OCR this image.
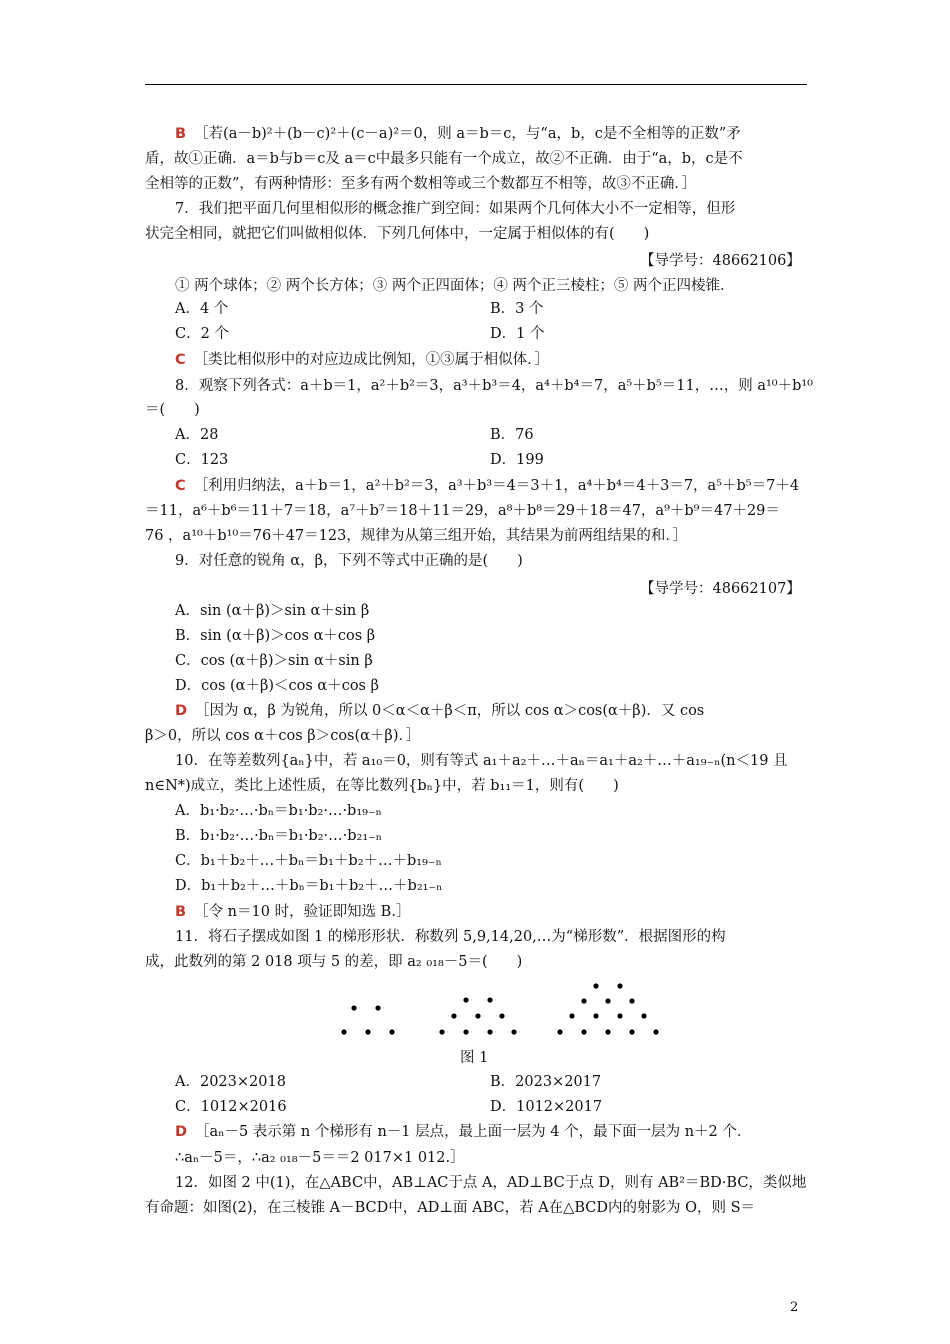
B ［若(a－b)²＋(b－c)²＋(c－a)²＝0，则 a＝b＝c，与“a，b，c是不全相等的正数”矛
盾，故①正确．a＝b与b＝c及 a＝c中最多只能有一个成立，故②不正确．由于“a，b，c是不
全相等的正数”，有两种情形：至多有两个数相等或三个数都互不相等，故③不正确．］
7．我们把平面几何里相似形的概念推广到空间：如果两个几何体大小不一定相等，但形
状完全相同，就把它们叫做相似体．下列几何体中，一定属于相似体的有(　　)
① 两个球体；② 两个长方体；③ 两个正四面体；④ 两个正三棱柱；⑤ 两个正四棱锥．
C ［类比相似形中的对应边成比例知，①③属于相似体．］
8．观察下列各式：a＋b＝1，a²＋b²＝3，a³＋b³＝4，a⁴＋b⁴＝7，a⁵＋b⁵＝11，…，则 a¹⁰＋b¹⁰
＝(　　)
C ［利用归纳法，a＋b＝1，a²＋b²＝3，a³＋b³＝4＝3＋1，a⁴＋b⁴＝4＋3＝7，a⁵＋b⁵＝7＋4
＝11，a⁶＋b⁶＝11＋7＝18，a⁷＋b⁷＝18＋11＝29，a⁸＋b⁸＝29＋18＝47，a⁹＋b⁹＝47＋29＝
76 ，a¹⁰＋b¹⁰＝76＋47＝123，规律为从第三组开始，其结果为前两组结果的和．］
9．对任意的锐角 α，β，下列不等式中正确的是(　　)
A．sin (α＋β)＞sin α＋sin β
B．sin (α＋β)＞cos α＋cos β
C．cos (α＋β)＞sin α＋sin β
D．cos (α＋β)＜cos α＋cos β
D ［因为 α，β 为锐角，所以 0＜α＜α＋β＜π，所以 cos α＞cos(α＋β)．又 cos
β＞0，所以 cos α＋cos β＞cos(α＋β)．］
10．在等差数列{aₙ}中，若 a₁₀＝0，则有等式 a₁＋a₂＋…＋aₙ＝a₁＋a₂＋…＋a₁₉₋ₙ(n＜19 且
n∈N*)成立，类比上述性质，在等比数列{bₙ}中，若 b₁₁＝1，则有(　　)
A．b₁·b₂·…·bₙ＝b₁·b₂·…·b₁₉₋ₙ
B．b₁·b₂·…·bₙ＝b₁·b₂·…·b₂₁₋ₙ
C．b₁＋b₂＋…＋bₙ＝b₁＋b₂＋…＋b₁₉₋ₙ
D．b₁＋b₂＋…＋bₙ＝b₁＋b₂＋…＋b₂₁₋ₙ
B ［令 n＝10 时，验证即知选 B.］
11．将石子摆成如图 1 的梯形形状．称数列 5,9,14,20,…为“梯形数”．根据图形的构
成，此数列的第 2 018 项与 5 的差，即 a₂ ₀₁₈－5＝(　　)
D ［aₙ－5 表示第 n 个梯形有 n－1 层点，最上面一层为 4 个，最下面一层为 n＋2 个．
∴aₙ－5＝，∴a₂ ₀₁₈－5＝＝2 017×1 012.］
12．如图 2 中(1)，在△ABC中，AB⊥AC于点 A，AD⊥BC于点 D，则有 AB²＝BD·BC，类似地
有命题：如图(2)，在三棱锥 A－BCD中，AD⊥面 ABC，若 A在△BCD内的射影为 O，则 S＝
【导学号：48662106】
【导学号：48662107】
A．4 个	B．3 个
C．2 个	D．1 个
A．28	B．76
C．123	D．199
图 1
A．2023×2018	B．2023×2017
C．1012×2016	D．1012×2017
2
